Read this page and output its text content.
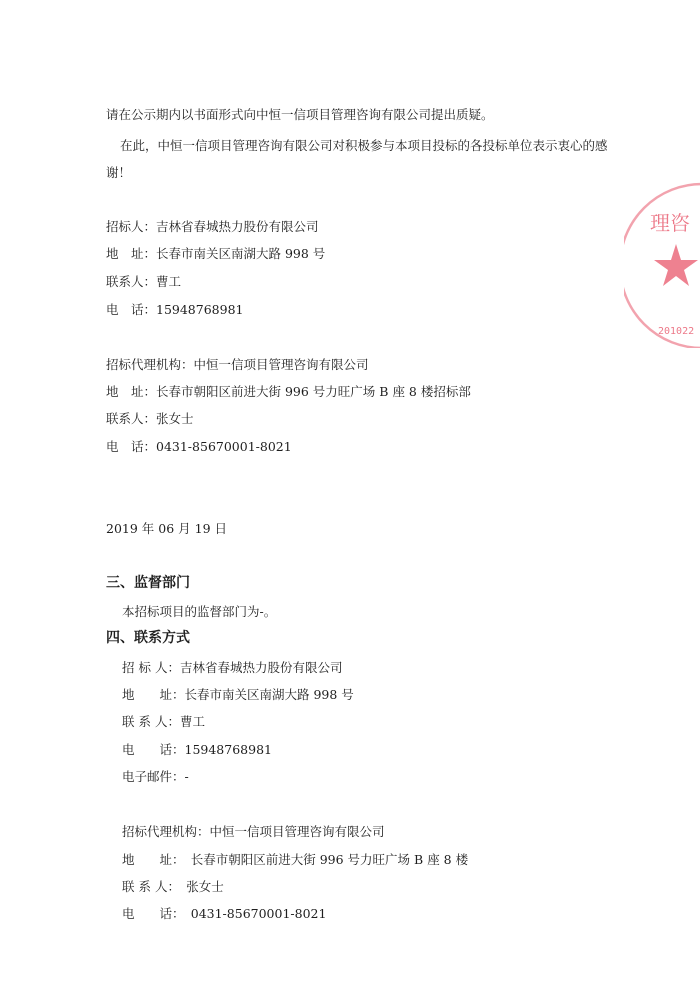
请在公示期内以书面形式向中恒一信项目管理咨询有限公司提出质疑。
在此，中恒一信项目管理咨询有限公司对积极参与本项目投标的各投标单位表示衷心的感
谢！
招标人：吉林省春城热力股份有限公司
地　址：长春市南关区南湖大路 998 号
联系人：曹工
电　话：15948768981
招标代理机构：中恒一信项目管理咨询有限公司
地　址：长春市朝阳区前进大街 996 号力旺广场 B 座 8 楼招标部
联系人：张女士
电　话：0431-85670001-8021
2019 年 06 月 19 日
三、监督部门
本招标项目的监督部门为-。
四、联系方式
招 标 人：吉林省春城热力股份有限公司
地　　址：长春市南关区南湖大路 998 号
联 系 人：曹工
电　　话：15948768981
电子邮件：-
招标代理机构：中恒一信项目管理咨询有限公司
地　　址：　长春市朝阳区前进大街 996 号力旺广场 B 座 8 楼
联 系 人：　张女士
电　　话：　0431-85670001-8021
理咨
201022
